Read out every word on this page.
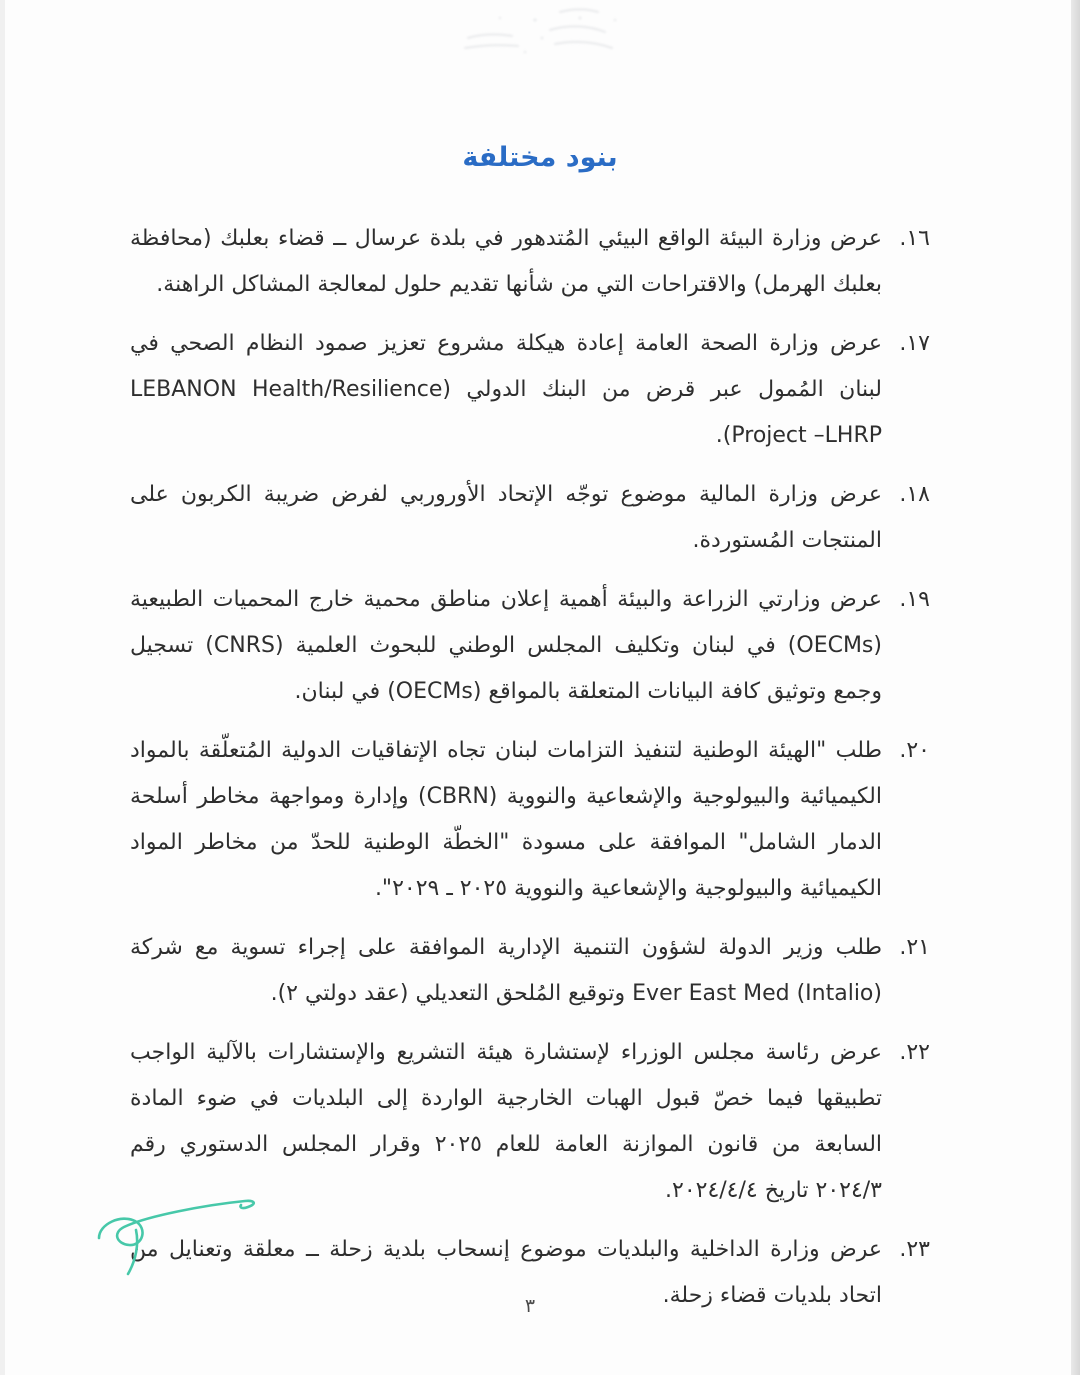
بنود مختلفة
١٦.
عرض وزارة البيئة الواقع البيئي المُتدهور في بلدة عرسال ــ قضاء بعلبك (محافظة بعلبك الهرمل) والاقتراحات التي من شأنها تقديم حلول لمعالجة المشاكل الراهنة.
١٧.
عرض وزارة الصحة العامة إعادة هيكلة مشروع تعزيز صمود النظام الصحي في لبنان المُمول عبر قرض من البنك الدولي (LEBANON Health/Resilience Project –LHRP).
١٨.
عرض وزارة المالية موضوع توجّه الإتحاد الأوروربي لفرض ضريبة الكربون على المنتجات المُستوردة.
١٩.
عرض وزارتي الزراعة والبيئة أهمية إعلان مناطق محمية خارج المحميات الطبيعية (OECMs) في لبنان وتكليف المجلس الوطني للبحوث العلمية (CNRS) تسجيل وجمع وتوثيق كافة البيانات المتعلقة بالمواقع (OECMs) في لبنان.
٢٠.
طلب "الهيئة الوطنية لتنفيذ التزامات لبنان تجاه الإتفاقيات الدولية المُتعلّقة بالمواد الكيميائية والبيولوجية والإشعاعية والنووية (CBRN) وإدارة ومواجهة مخاطر أسلحة الدمار الشامل" الموافقة على مسودة "الخطّة الوطنية للحدّ من مخاطر المواد الكيميائية والبيولوجية والإشعاعية والنووية ٢٠٢٥ ـ ٢٠٢٩".
٢١.
طلب وزير الدولة لشؤون التنمية الإدارية الموافقة على إجراء تسوية مع شركة (Intalio) Ever East Med وتوقيع المُلحق التعديلي (عقد دولتي ٢).
٢٢.
عرض رئاسة مجلس الوزراء لإستشارة هيئة التشريع والإستشارات بالآلية الواجب تطبيقها فيما خصّ قبول الهبات الخارجية الواردة إلى البلديات في ضوء المادة السابعة من قانون الموازنة العامة للعام ٢٠٢٥ وقرار المجلس الدستوري رقم ٢٠٢٤/٣ تاريخ ٢٠٢٤/٤/٤.
٢٣.
عرض وزارة الداخلية والبلديات موضوع إنسحاب بلدية زحلة ــ معلقة وتعنايل من اتحاد بلديات قضاء زحلة.
٣
